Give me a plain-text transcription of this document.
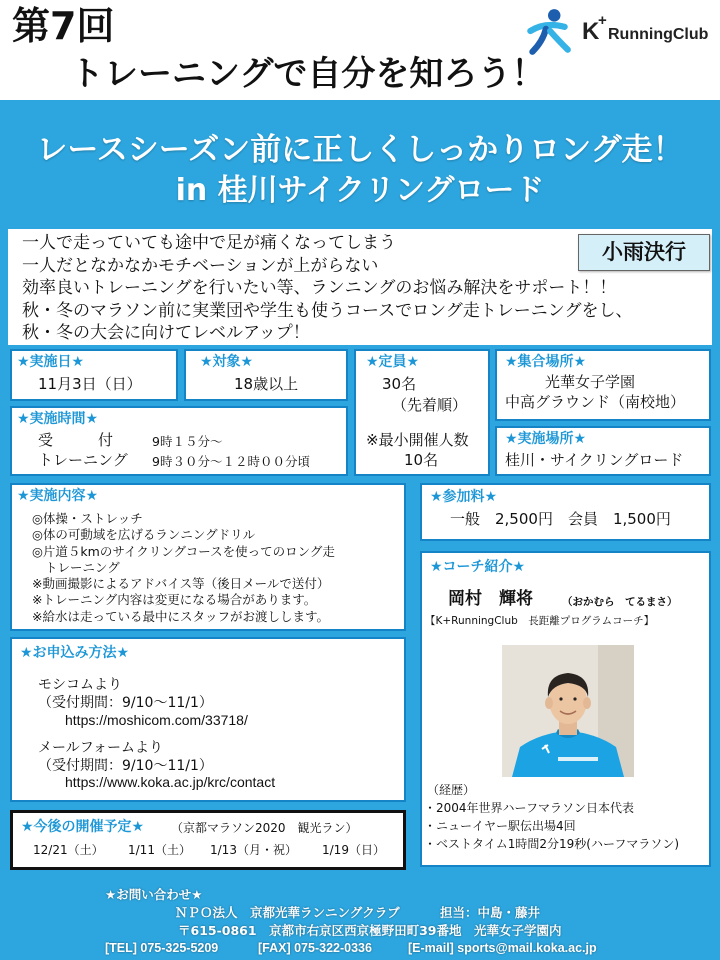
第7回
トレーニングで自分を知ろう！
K
+
RunningClub
レースシーズン前に正しくしっかりロング走！
in 桂川サイクリングロード
一人で走っていても途中で足が痛くなってしまう
一人だとなかなかモチベーションが上がらない
効率良いトレーニングを行いたい等、ランニングのお悩み解決をサポート！！
秋・冬のマラソン前に実業団や学生も使うコースでロング走トレーニングをし、
秋・冬の大会に向けてレベルアップ！
小雨決行
★実施日★
11月3日（日）
★対象★
18歳以上
★定員★
30名
（先着順）
※最小開催人数
10名
★集合場所★
光華女子学園
中高グラウンド（南校地）
★実施時間★
受　　　付	9時１５分～
トレーニング 9時３０分～１２時００分頃
★実施場所★
桂川・サイクリングロード
★実施内容★
◎体操・ストレッチ
◎体の可動域を広げるランニングドリル
◎片道５kmのサイクリングコースを使ってのロング走
トレーニング
※動画撮影によるアドバイス等（後日メールで送付）
※トレーニング内容は変更になる場合があります。
※給水は走っている最中にスタッフがお渡しします。
★参加料★
一般　2,500円　会員　1,500円
★お申込み方法★
モシコムより
（受付期間：9/10～11/1）
https://moshicom.com/33718/
メールフォームより
（受付期間：9/10～11/1）
https://www.koka.ac.jp/krc/contact
★コーチ紹介★
岡村　輝将	（おかむら　てるまさ）
【K+RunningClub　長距離プログラムコーチ】
（経歴）
・2004年世界ハーフマラソン日本代表
・ニューイヤー駅伝出場4回
・ベストタイム1時間2分19秒(ハーフマラソン)
★今後の開催予定★ （京都マラソン2020　観光ラン）
12/21（土） 1/11（土） 1/13（月・祝） 1/19（日）
★お問い合わせ★
ＮＰＯ法人　京都光華ランニングクラブ	担当：中島・藤井
〒615-0861　京都市右京区西京極野田町39番地　光華女子学園内
[TEL] 075-325-5209	[FAX] 075-322-0336	[E-mail] sports@mail.koka.ac.jp
